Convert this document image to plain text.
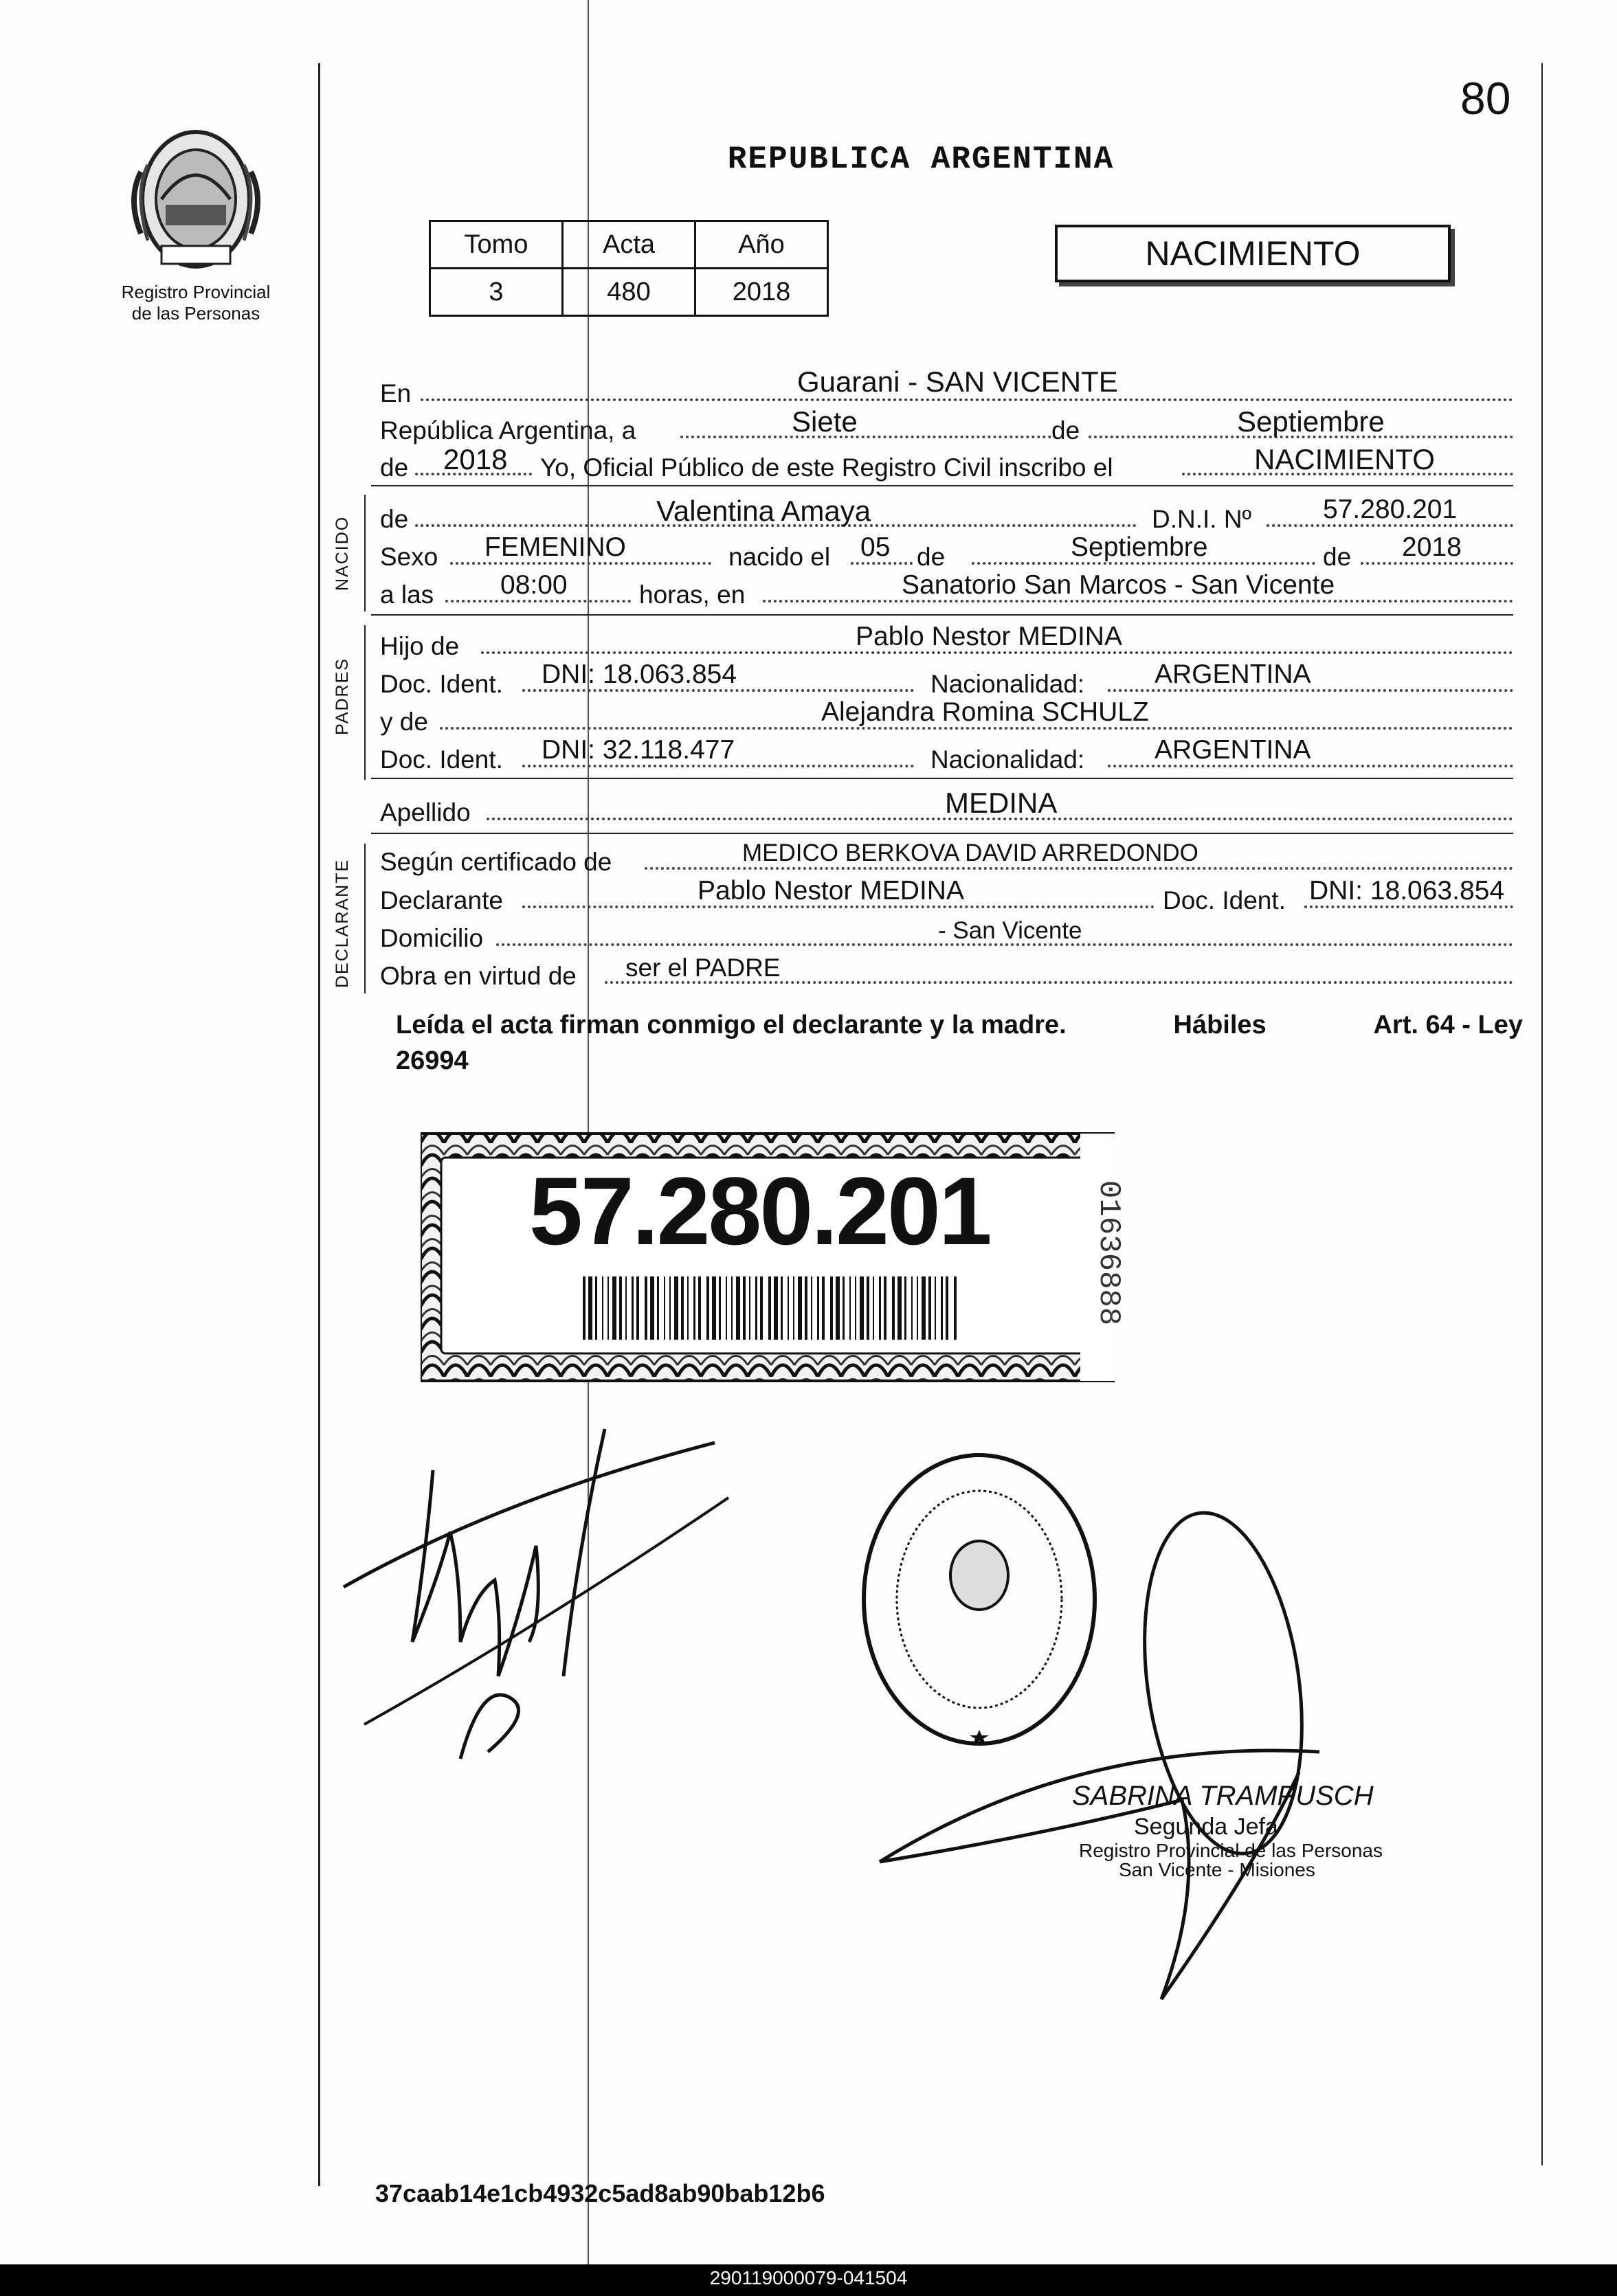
80
Registro Provincial
de las Personas
REPUBLICA ARGENTINA
Tomo	Acta	Año
3	480	2018
NACIMIENTO
En	Guarani - SAN VICENTE
República Argentina, a	Siete	de	Septiembre
de 2018 Yo, Oficial Público de este Registro Civil inscribo el	NACIMIENTO
NACIDO de	Valentina Amaya	D.N.I. Nº	57.280.201
Sexo FEMENINO	nacido el 05 de	Septiembre	de 2018
a las 08:00	horas, en	Sanatorio San Marcos - San Vicente
PADRES
Hijo de	Pablo Nestor MEDINA
Doc. Ident. DNI: 18.063.854	Nacionalidad:	ARGENTINA
y de	Alejandra Romina SCHULZ
Doc. Ident. DNI: 32.118.477	Nacionalidad:	ARGENTINA
Apellido	MEDINA
DECLARANTE Según certificado de	MEDICO BERKOVA DAVID ARREDONDO
Declarante	Pablo Nestor MEDINA	Doc. Ident. DNI: 18.063.854
Domicilio	- San Vicente
Obra en virtud de ser el PADRE
Leída el acta firman conmigo el declarante y la madre.	Hábiles	Art. 64 - Ley
26994
57.280.201	01636888
SABRINA TRAMPUSCH
Segunda Jefa
Registro Provincial de las Personas
San Vicente - Misiones
37caab14e1cb4932c5ad8ab90bab12b6
290119000079-041504
